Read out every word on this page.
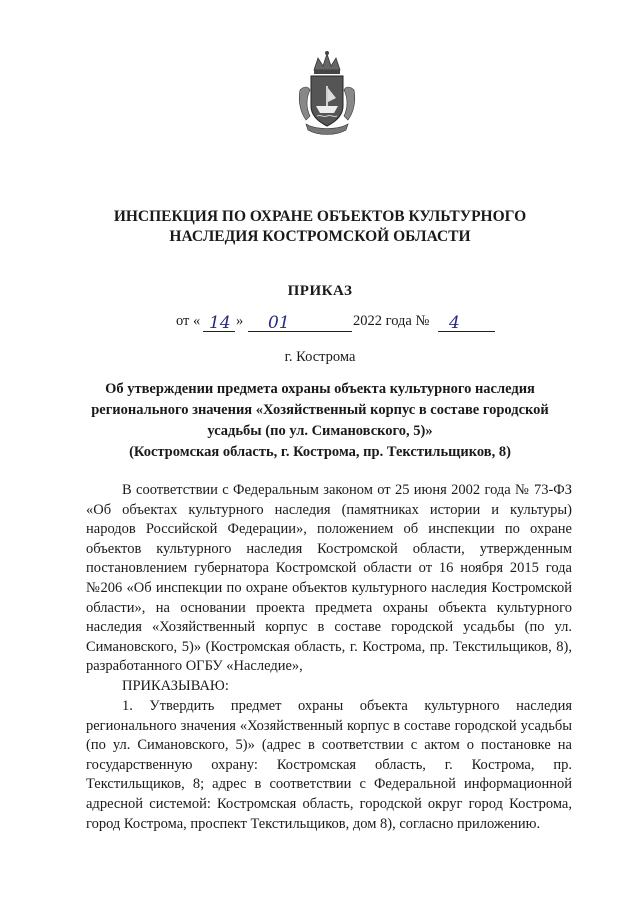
ИНСПЕКЦИЯ ПО ОХРАНЕ ОБЪЕКТОВ КУЛЬТУРНОГО
НАСЛЕДИЯ КОСТРОМСКОЙ ОБЛАСТИ
ПРИКАЗ
от « 14 » 01	2022 года № 4
г. Кострома
Об утверждении предмета охраны объекта культурного наследия
регионального значения «Хозяйственный корпус в составе городской
усадьбы (по ул. Симановского, 5)»
(Костромская область, г. Кострома, пр. Текстильщиков, 8)

В соответствии с Федеральным законом от 25 июня 2002 года № 73-ФЗ «Об объектах культурного наследия (памятниках истории и культуры) народов Российской Федерации», положением об инспекции по охране объектов культурного наследия Костромской области, утвержденным постановлением губернатора Костромской области от 16 ноября 2015 года №206 «Об инспекции по охране объектов культурного наследия Костромской области», на основании проекта предмета охраны объекта культурного наследия «Хозяйственный корпус в составе городской усадьбы (по ул. Симановского, 5)» (Костромская область, г. Кострома, пр. Текстильщиков, 8), разработанного ОГБУ «Наследие»,

ПРИКАЗЫВАЮ:

1. Утвердить предмет охраны объекта культурного наследия регионального значения «Хозяйственный корпус в составе городской усадьбы (по ул. Симановского, 5)» (адрес в соответствии с актом о постановке на государственную охрану: Костромская область, г. Кострома, пр. Текстильщиков, 8; адрес в соответствии с Федеральной информационной адресной системой: Костромская область, городской округ город Кострома, город Кострома, проспект Текстильщиков, дом 8), согласно приложению.
